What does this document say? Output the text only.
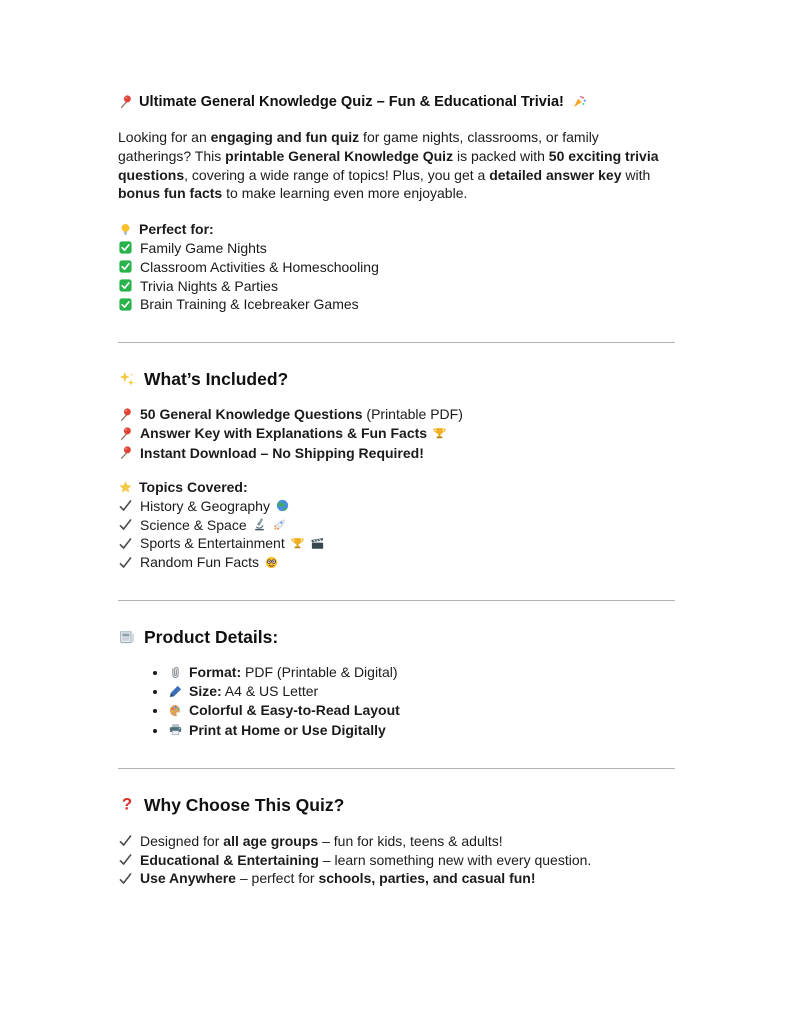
Ultimate General Knowledge Quiz – Fun & Educational Trivia!

Looking for an engaging and fun quiz for game nights, classrooms, or family gatherings? This printable General Knowledge Quiz is packed with 50 exciting trivia questions, covering a wide range of topics! Plus, you get a detailed answer key with bonus fun facts to make learning even more enjoyable.

Perfect for:
Family Game Nights
Classroom Activities & Homeschooling
Trivia Nights & Parties
Brain Training & Icebreaker Games
What’s Included?
50 General Knowledge Questions (Printable PDF)
Answer Key with Explanations & Fun Facts
Instant Download – No Shipping Required!
Topics Covered:
History & Geography
Science & Space
Sports & Entertainment
Random Fun Facts
Product Details:
• Format: PDF (Printable & Digital)
• Size: A4 & US Letter
• Colorful & Easy-to-Read Layout
• Print at Home or Use Digitally
Why Choose This Quiz?
Designed for all age groups – fun for kids, teens & adults!
Educational & Entertaining – learn something new with every question.
Use Anywhere – perfect for schools, parties, and casual fun!
